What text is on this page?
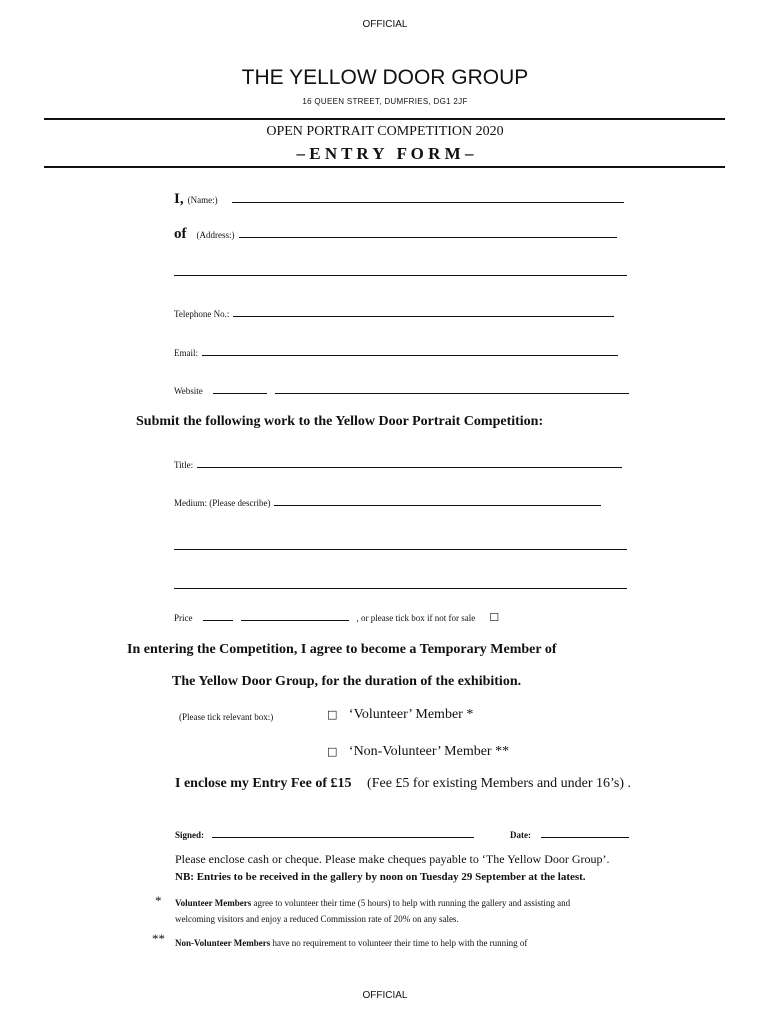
OFFICIAL
THE YELLOW DOOR GROUP
16 QUEEN STREET, DUMFRIES, DG1 2JF
OPEN PORTRAIT COMPETITION 2020
– E N T R Y   F O R M –
I, (Name:)
of (Address:)
Telephone No.:
Email:
Website
Submit the following work to the Yellow Door Portrait Competition:
Title:
Medium: (Please describe)
Price	, or please tick box if not for sale ☐
In entering the Competition, I agree to become a Temporary Member of
The Yellow Door Group, for the duration of the exhibition.
(Please tick relevant box:)	□ ‘Volunteer’ Member *
□ ‘Non-Volunteer’ Member **
I enclose my Entry Fee of £15 (Fee £5 for existing Members and under 16’s) .
Signed:	Date:
Please enclose cash or cheque. Please make cheques payable to ‘The Yellow Door Group’.
NB: Entries to be received in the gallery by noon on Tuesday 29 September at the latest.
* Volunteer Members agree to volunteer their time (5 hours) to help with running the gallery and assisting and
welcoming visitors and enjoy a reduced Commission rate of 20% on any sales.
** Non-Volunteer Members have no requirement to volunteer their time to help with the running of
OFFICIAL
